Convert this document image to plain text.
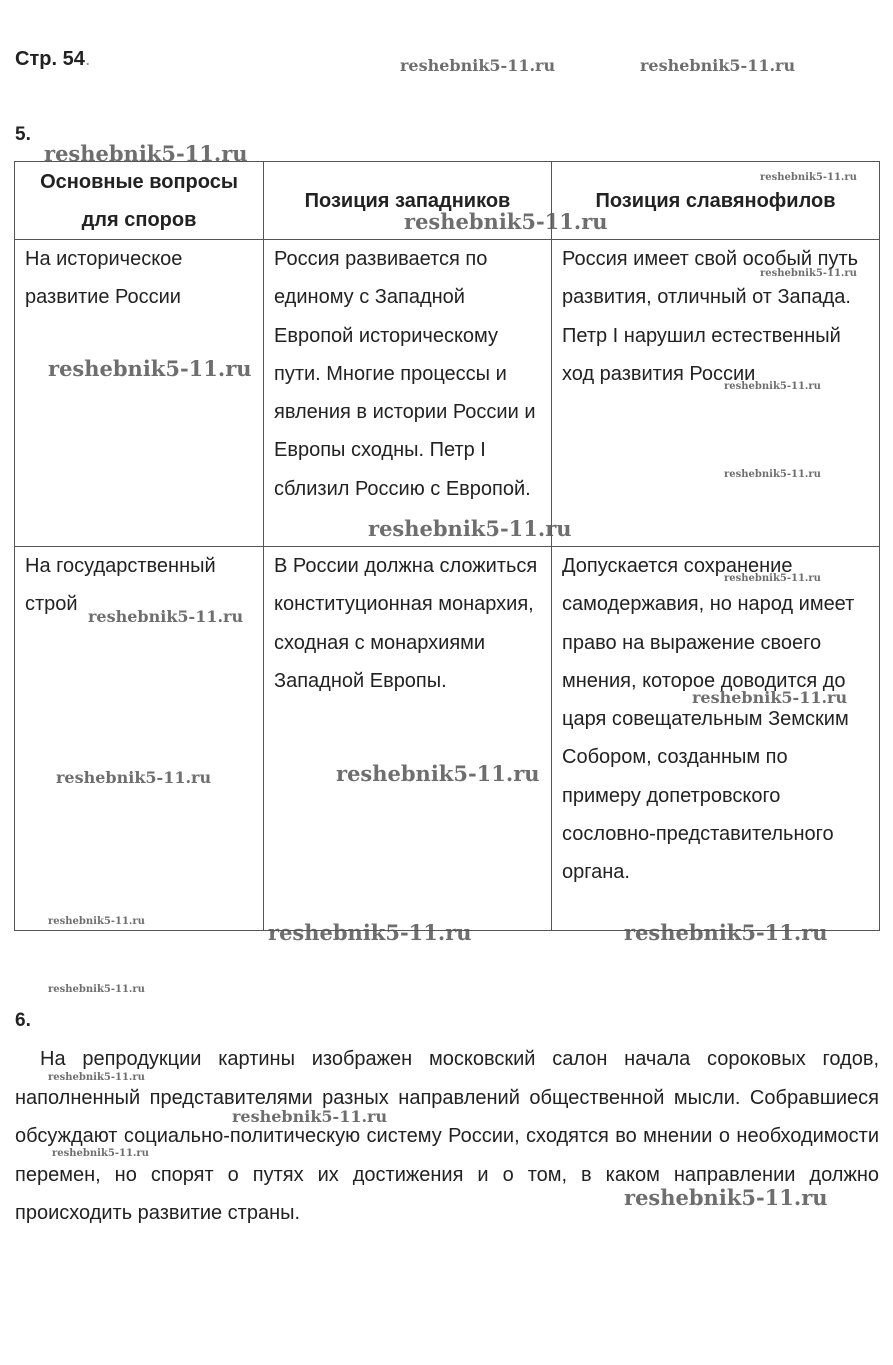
Стр. 54.
5.
Основные вопросы для споров	Позиция западников	Позиция славянофилов
На историческое развитие России	Россия развивается по единому с Западной Европой историческому пути. Многие процессы и явления в истории России и Европы сходны. Петр I сблизил Россию с Европой.	Россия имеет свой особый путь развития, отличный от Запада. Петр I нарушил естественный ход развития России
На государственный строй	В России должна сложиться конституционная монархия, сходная с монархиями Западной Европы.	Допускается сохранение самодержавия, но народ имеет право на выражение своего мнения, которое доводится до царя совещательным Земским Собором, созданным по примеру допетровского сословно-представительного органа.
6.
На репродукции картины изображен московский салон начала сороковых годов, наполненный представителями разных направлений общественной мысли. Собравшиеся обсуждают социально-политическую систему России, сходятся во мнении о необходимости перемен, но спорят о путях их достижения и о том, в каком направлении должно происходить развитие страны.
reshebnik5-11.ru	reshebnik5-11.ru
reshebnik5-11.ru
reshebnik5-11.ru
reshebnik5-11.ru
reshebnik5-11.ru
reshebnik5-11.ru
reshebnik5-11.ru
reshebnik5-11.ru
reshebnik5-11.ru
reshebnik5-11.ru
reshebnik5-11.ru
reshebnik5-11.ru
reshebnik5-11.ru
reshebnik5-11.ru
reshebnik5-11.ru	reshebnik5-11.ru	reshebnik5-11.ru
reshebnik5-11.ru
reshebnik5-11.ru
reshebnik5-11.ru
reshebnik5-11.ru
reshebnik5-11.ru
